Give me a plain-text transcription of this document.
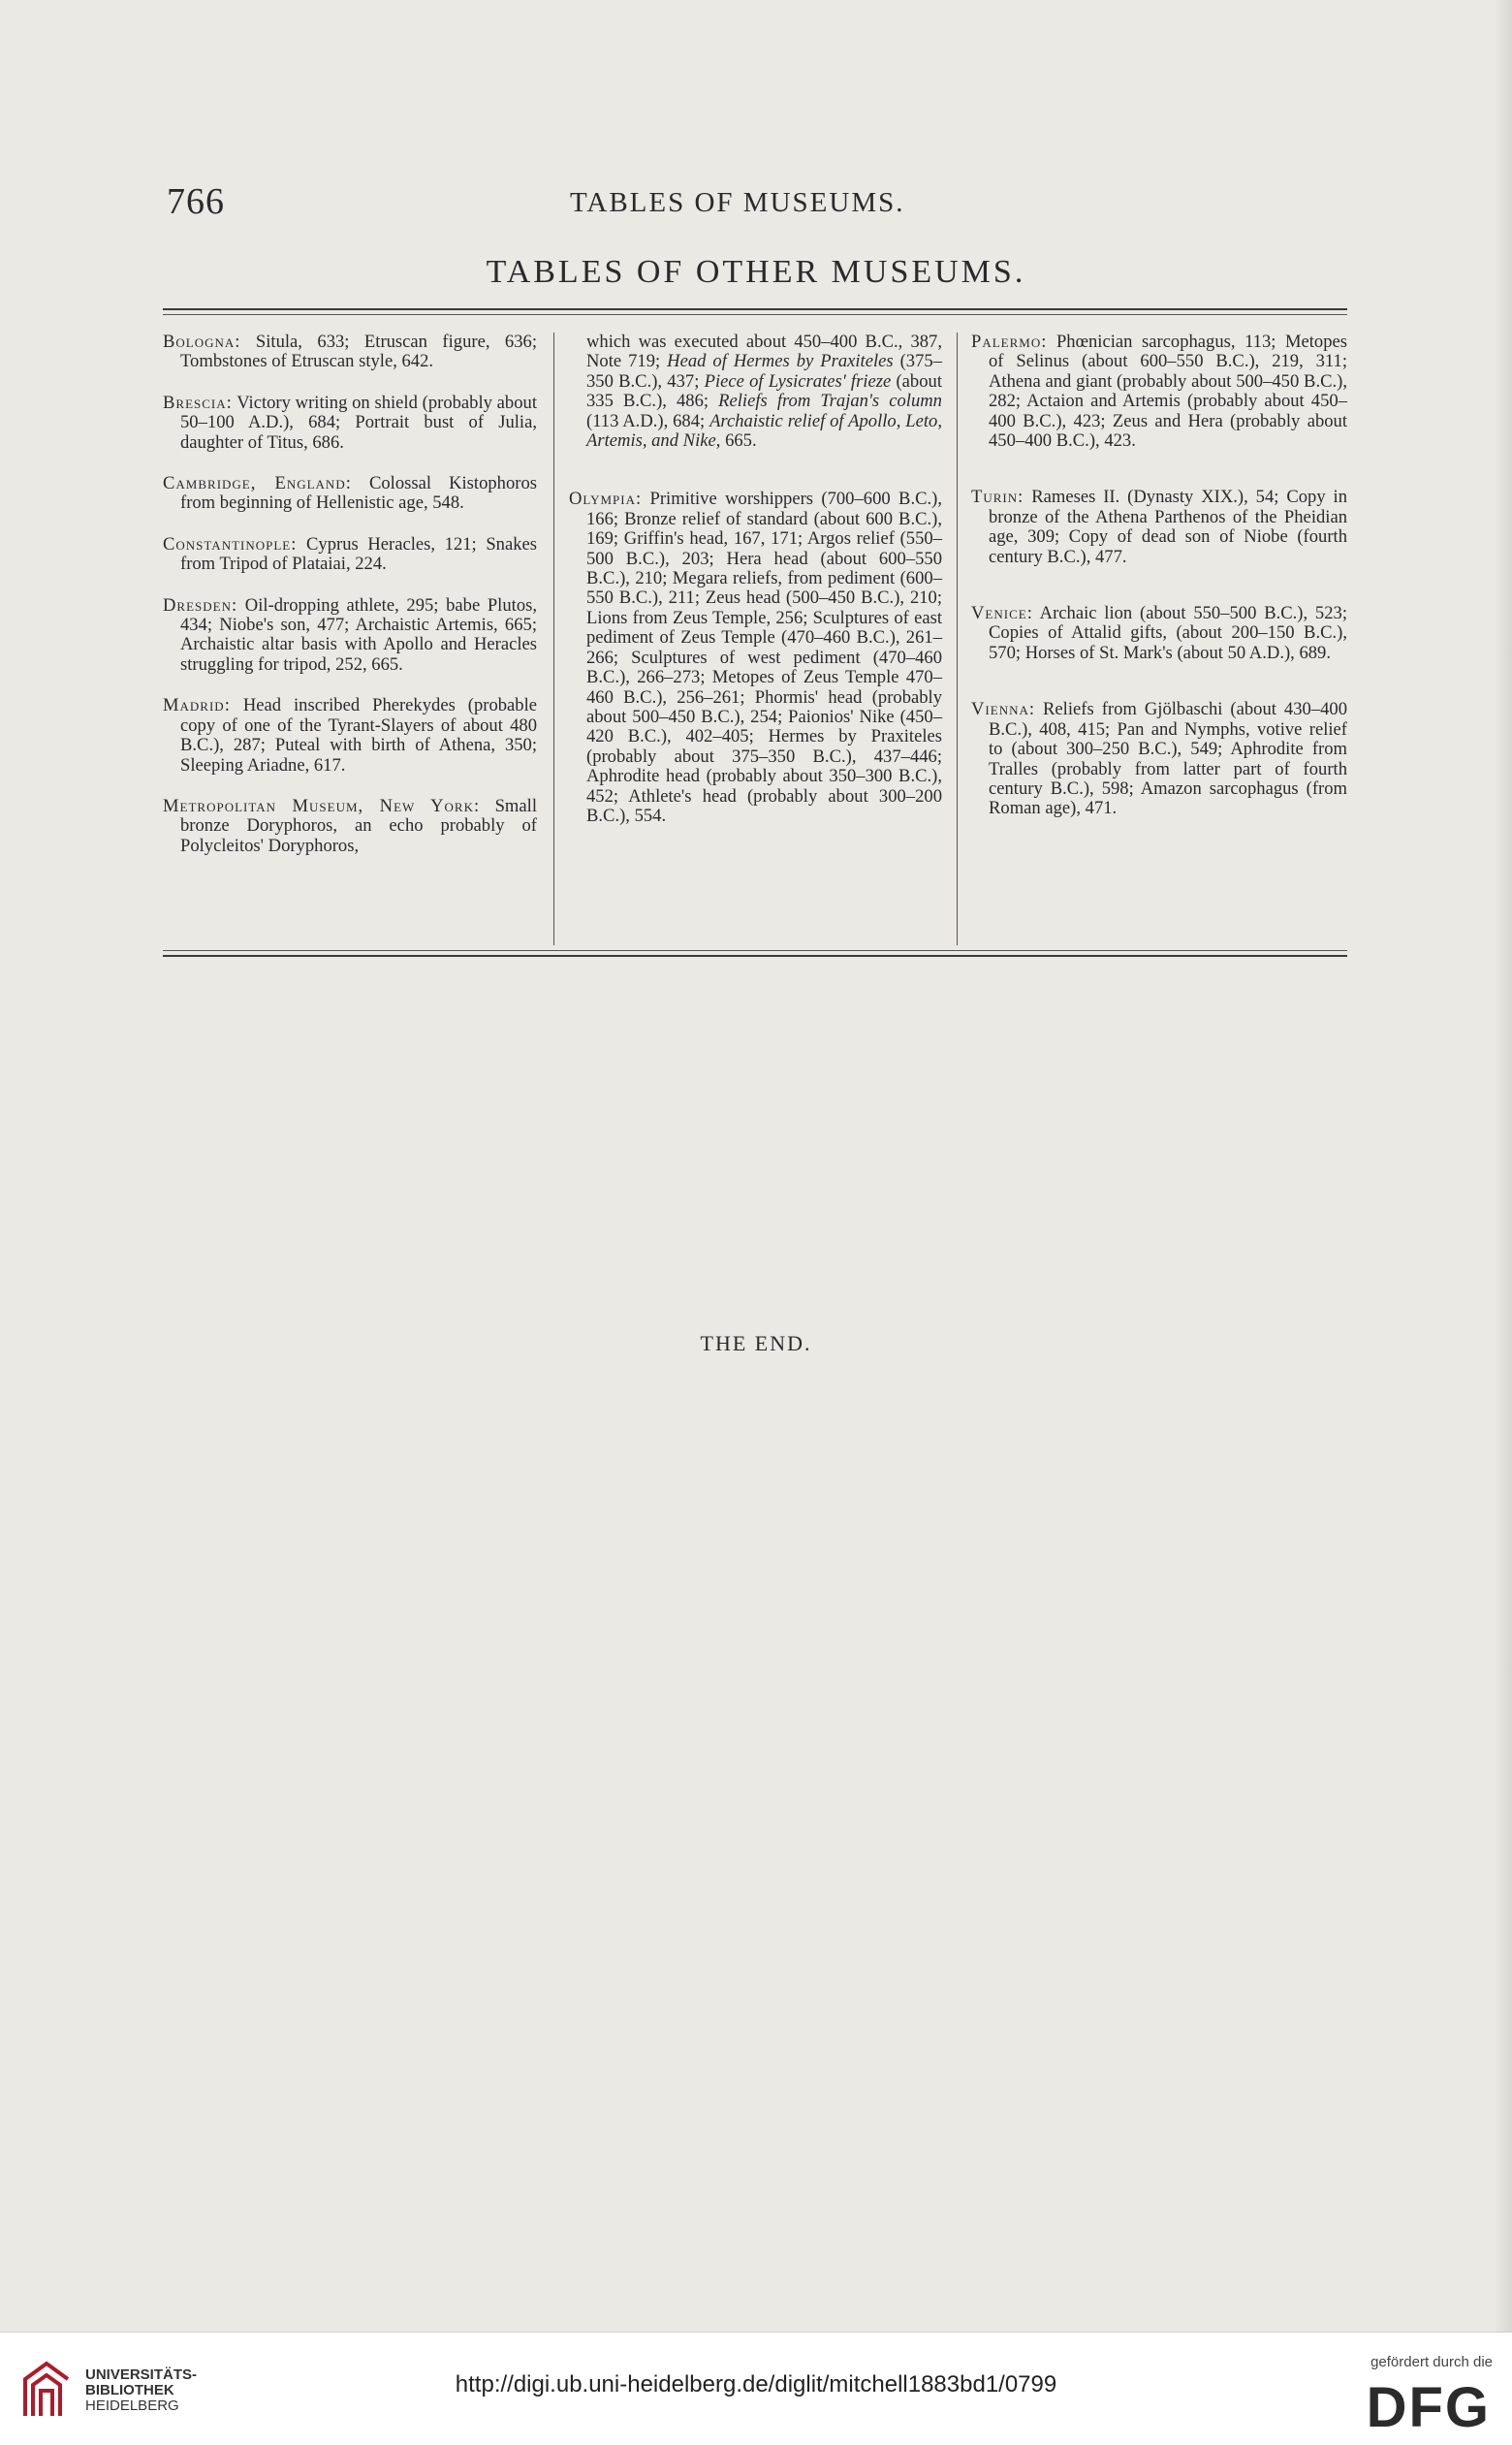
766	TABLES OF MUSEUMS.
TABLES OF OTHER MUSEUMS.

Bologna: Situla, 633; Etruscan figure, 636; Tombstones of Etruscan style, 642.

Brescia: Victory writing on shield (probably about 50–100 A.D.), 684; Portrait bust of Julia, daughter of Titus, 686.

Cambridge, England: Colossal Kistophoros from beginning of Hellenistic age, 548.

Constantinople: Cyprus Heracles, 121; Snakes from Tripod of Plataiai, 224.

Dresden: Oil-dropping athlete, 295; babe Plutos, 434; Niobe's son, 477; Archaistic Artemis, 665; Archaistic altar basis with Apollo and Heracles struggling for tripod, 252, 665.

Madrid: Head inscribed Pherekydes (probable copy of one of the Tyrant-Slayers of about 480 B.C.), 287; Puteal with birth of Athena, 350; Sleeping Ariadne, 617.

Metropolitan Museum, New York: Small bronze Doryphoros, an echo probably of Polycleitos' Doryphoros,

which was executed about 450–400 B.C., 387, Note 719; Head of Hermes by Praxiteles (375–350 B.C.), 437; Piece of Lysicrates' frieze (about 335 B.C.), 486; Reliefs from Trajan's column (113 A.D.), 684; Archaistic relief of Apollo, Leto, Artemis, and Nike, 665.

Olympia: Primitive worshippers (700–600 B.C.), 166; Bronze relief of standard (about 600 B.C.), 169; Griffin's head, 167, 171; Argos relief (550–500 B.C.), 203; Hera head (about 600–550 B.C.), 210; Megara reliefs, from pediment (600–550 B.C.), 211; Zeus head (500–450 B.C.), 210; Lions from Zeus Temple, 256; Sculptures of east pediment of Zeus Temple (470–460 B.C.), 261–266; Sculptures of west pediment (470–460 B.C.), 266–273; Metopes of Zeus Temple 470–460 B.C.), 256–261; Phormis' head (probably about 500–450 B.C.), 254; Paionios' Nike (450–420 B.C.), 402–405; Hermes by Praxiteles (probably about 375–350 B.C.), 437–446; Aphrodite head (probably about 350–300 B.C.), 452; Athlete's head (probably about 300–200 B.C.), 554.

Palermo: Phœnician sarcophagus, 113; Metopes of Selinus (about 600–550 B.C.), 219, 311; Athena and giant (probably about 500–450 B.C.), 282; Actaion and Artemis (probably about 450–400 B.C.), 423; Zeus and Hera (probably about 450–400 B.C.), 423.

Turin: Rameses II. (Dynasty XIX.), 54; Copy in bronze of the Athena Parthenos of the Pheidian age, 309; Copy of dead son of Niobe (fourth century B.C.), 477.

Venice: Archaic lion (about 550–500 B.C.), 523; Copies of Attalid gifts, (about 200–150 B.C.), 570; Horses of St. Mark's (about 50 A.D.), 689.

Vienna: Reliefs from Gjölbaschi (about 430–400 B.C.), 408, 415; Pan and Nymphs, votive relief to (about 300–250 B.C.), 549; Aphrodite from Tralles (probably from latter part of fourth century B.C.), 598; Amazon sarcophagus (from Roman age), 471.

THE END.
UNIVERSITÄTS-
BIBLIOTHEK
HEIDELBERG
http://digi.ub.uni-heidelberg.de/diglit/mitchell1883bd1/0799
gefördert durch die
DFG
